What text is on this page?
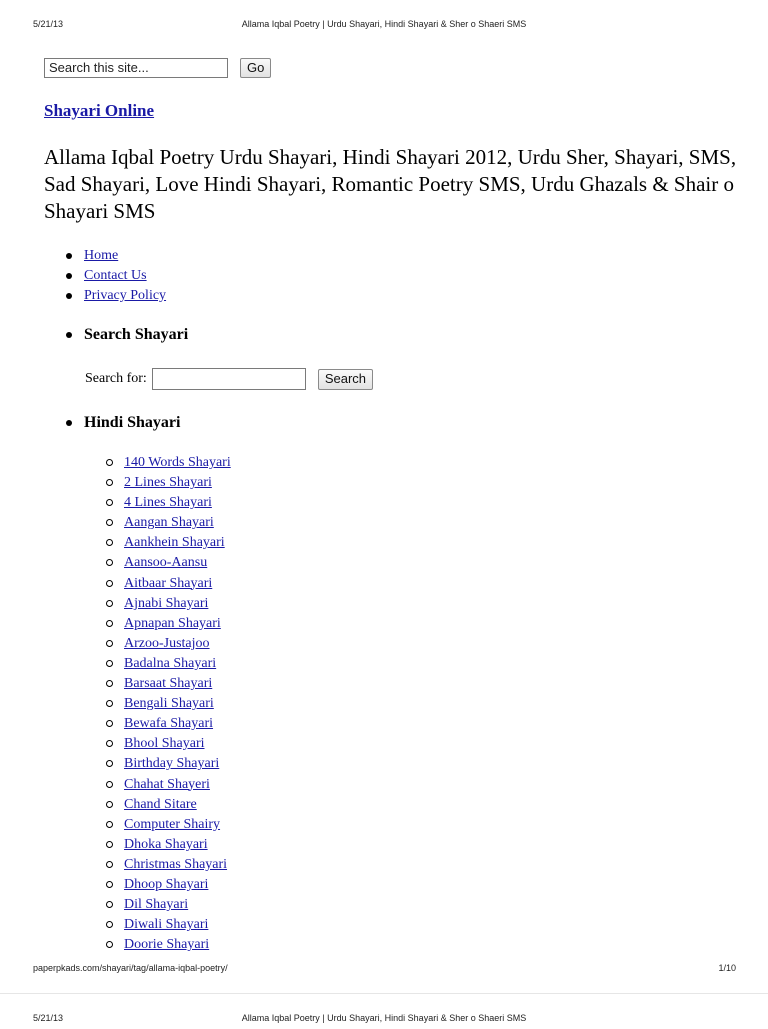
5/21/13	Allama Iqbal Poetry | Urdu Shayari, Hindi Shayari & Sher o Shaeri SMS
Search this site...	Go
Shayari Online
Allama Iqbal Poetry Urdu Shayari, Hindi Shayari 2012, Urdu Sher, Shayari, SMS, Sad Shayari, Love Hindi Shayari, Romantic Poetry SMS, Urdu Ghazals & Shair o Shayari SMS
Home
Contact Us
Privacy Policy
Search Shayari
Search for:	Search
Hindi Shayari
140 Words Shayari
2 Lines Shayari
4 Lines Shayari
Aangan Shayari
Aankhein Shayari
Aansoo-Aansu
Aitbaar Shayari
Ajnabi Shayari
Apnapan Shayari
Arzoo-Justajoo
Badalna Shayari
Barsaat Shayari
Bengali Shayari
Bewafa Shayari
Bhool Shayari
Birthday Shayari
Chahat Shayeri
Chand Sitare
Computer Shairy
Dhoka Shayari
Christmas Shayari
Dhoop Shayari
Dil Shayari
Diwali Shayari
Doorie Shayari
paperpkads.com/shayari/tag/allama-iqbal-poetry/	1/10
5/21/13	Allama Iqbal Poetry | Urdu Shayari, Hindi Shayari & Sher o Shaeri SMS
